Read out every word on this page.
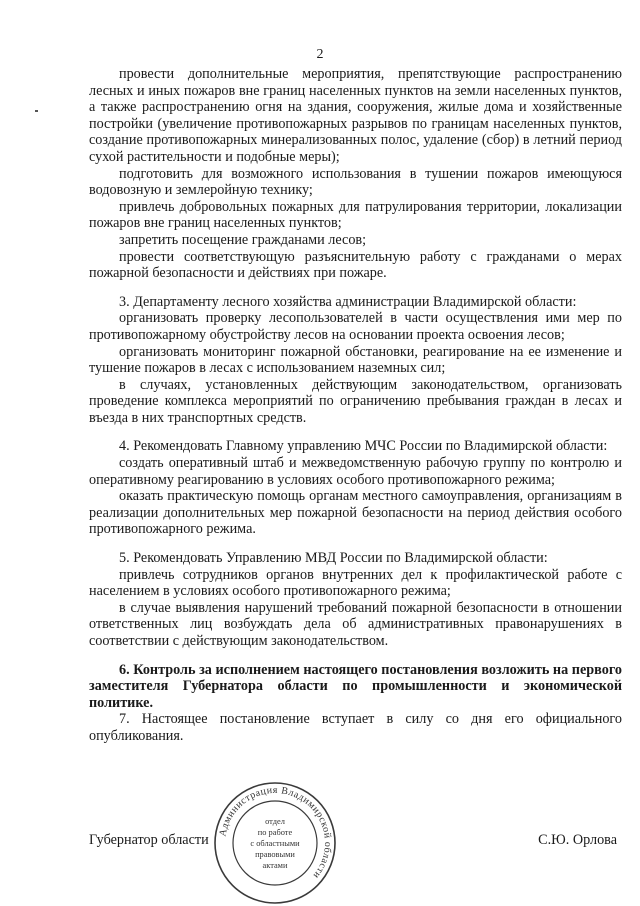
2

провести дополнительные мероприятия, препятствующие распространению лесных и иных пожаров вне границ населенных пунктов на земли населенных пунктов, а также распространению огня на здания, сооружения, жилые дома и хозяйственные постройки (увеличение противопожарных разрывов по границам населенных пунктов, создание противопожарных минерализованных полос, удаление (сбор) в летний период сухой растительности и подобные меры);

подготовить для возможного использования в тушении пожаров имеющуюся водовозную и землеройную технику;

привлечь добровольных пожарных для патрулирования территории, локализации пожаров вне границ населенных пунктов;

запретить посещение гражданами лесов;

провести соответствующую разъяснительную работу с гражданами о мерах пожарной безопасности и действиях при пожаре.

3. Департаменту лесного хозяйства администрации Владимирской области:

организовать проверку лесопользователей в части осуществления ими мер по противопожарному обустройству лесов на основании проекта освоения лесов;

организовать мониторинг пожарной обстановки, реагирование на ее изменение и тушение пожаров в лесах с использованием наземных сил;

в случаях, установленных действующим законодательством, организовать проведение комплекса мероприятий по ограничению пребывания граждан в лесах и въезда в них транспортных средств.

4. Рекомендовать Главному управлению МЧС России по Владимирской области:

создать оперативный штаб и межведомственную рабочую группу по контролю и оперативному реагированию в условиях особого противопожарного режима;

оказать практическую помощь органам местного самоуправления, организациям в реализации дополнительных мер пожарной безопасности на период действия особого противопожарного режима.

5. Рекомендовать Управлению МВД России по Владимирской области:

привлечь сотрудников органов внутренних дел к профилактической работе с населением в условиях особого противопожарного режима;

в случае выявления нарушений требований пожарной безопасности в отношении ответственных лиц возбуждать дела об административных правонарушениях в соответствии с действующим законодательством.

6. Контроль за исполнением настоящего постановления возложить на первого заместителя Губернатора области по промышленности и экономической политике.

7. Настоящее постановление вступает в силу со дня его официального опубликования.

Администрация Владимирской области
отдел
по работе
с областными
правовыми
актами
Губернатор области	С.Ю. Орлова
